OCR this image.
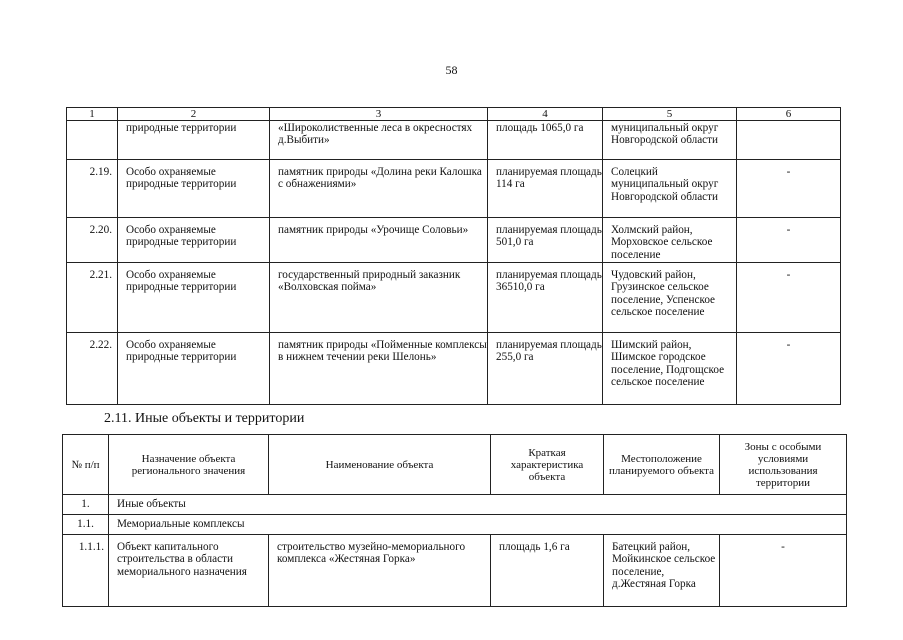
58
1	2	3	4	5	6
	природные территории	«Широколиственные леса в окресностях д.Выбити»	площадь 1065,0 га	муниципальный округ Новгородской области	
2.19.	Особо охраняемые природные территории	памятник природы «Долина реки Калошка с обнажениями»	планируемая площадь 114 га	Солецкий муниципальный округ Новгородской области	-
2.20.	Особо охраняемые природные территории	памятник природы «Урочище Соловьи»	планируемая площадь 501,0 га	Холмский район, Морховское сельское поселение	-
2.21.	Особо охраняемые природные территории	государственный природный заказник «Волховская пойма»	планируемая площадь 36510,0 га	Чудовский район, Грузинское сельское поселение, Успенское сельское поселение	-
2.22.	Особо охраняемые природные территории	памятник природы «Пойменные комплексы в нижнем течении реки Шелонь»	планируемая площадь 255,0 га	Шимский район, Шимское городское поселение, Подгощское сельское поселение	-
2.11. Иные объекты и территории
№ п/п	Назначение объекта регионального значения	Наименование объекта	Краткая характеристика объекта	Местоположение планируемого объекта	Зоны с особыми условиями использования территории
1.	Иные объекты				
1.1.	Мемориальные комплексы				
1.1.1.	Объект капитального строительства в области мемориального назначения	строительство музейно-мемориального комплекса «Жестяная Горка»	площадь 1,6 га	Батецкий район, Мойкинское сельское поселение, д.Жестяная Горка	-
